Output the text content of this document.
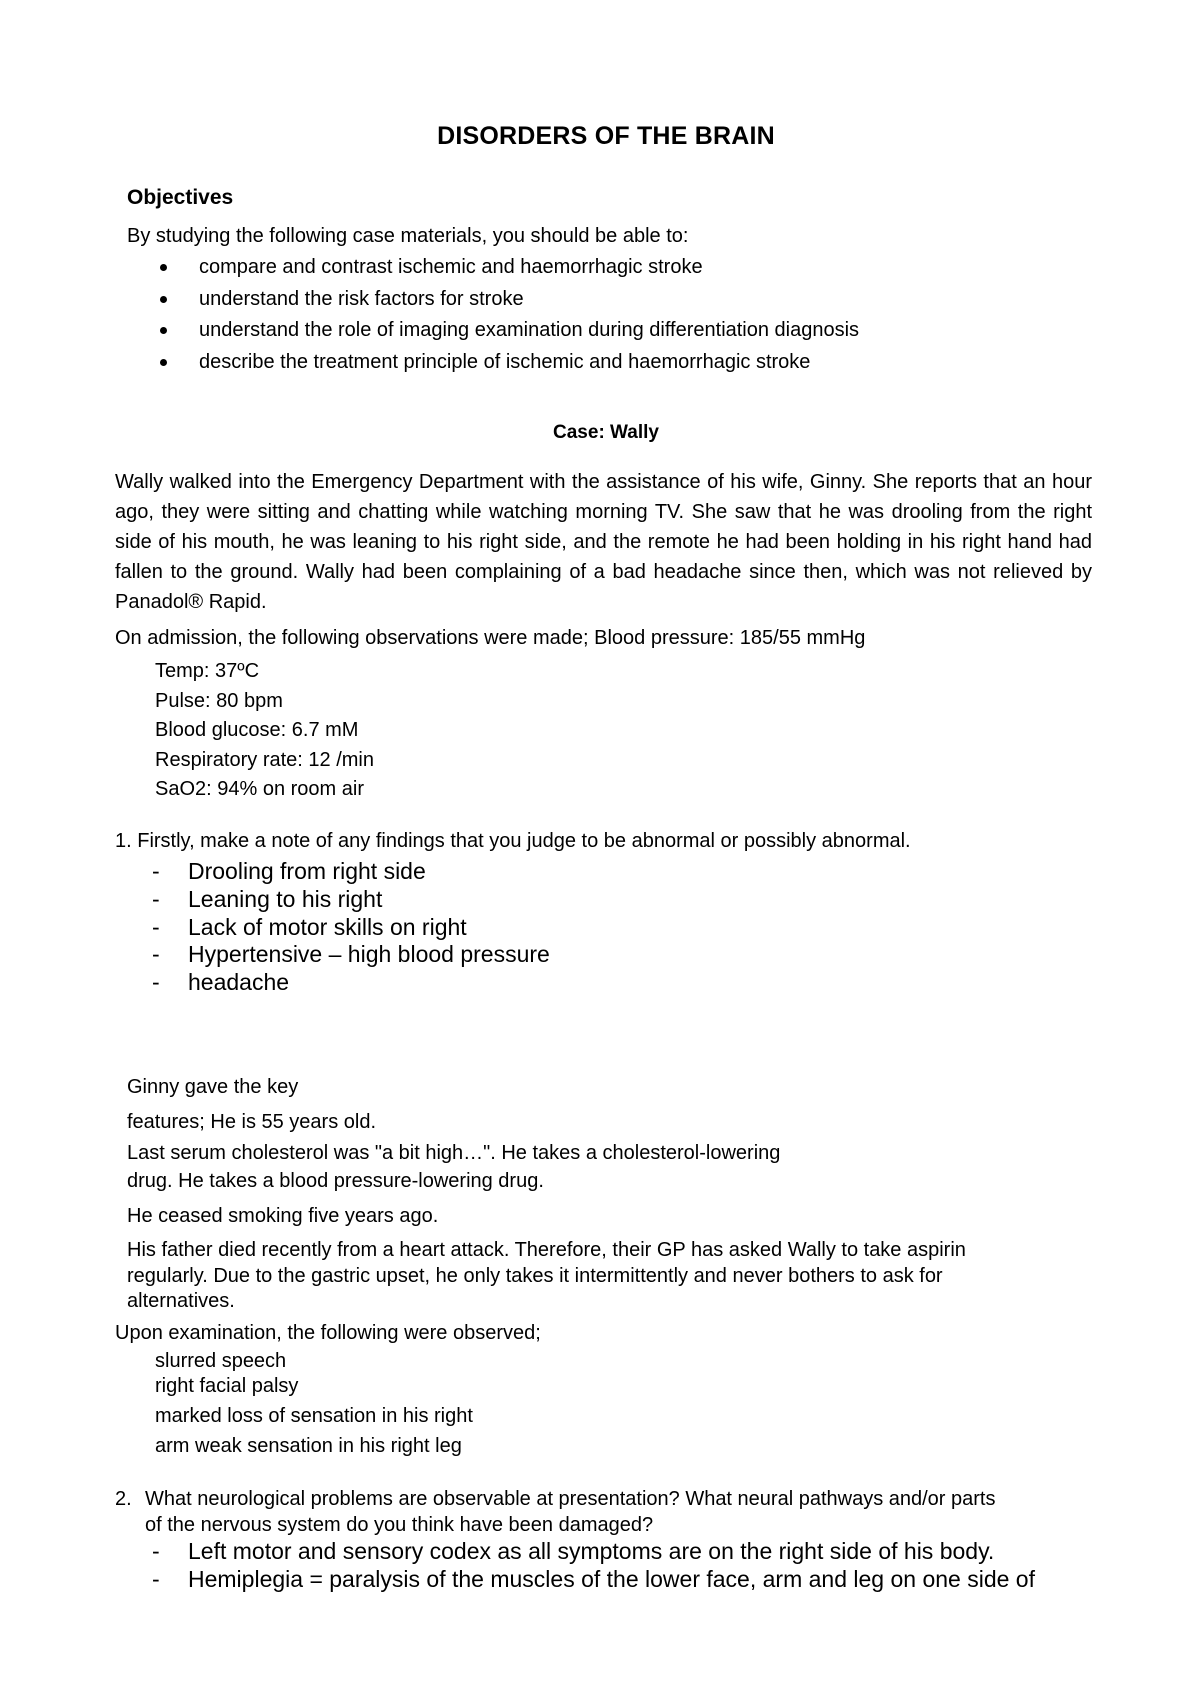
DISORDERS OF THE BRAIN
Objectives
By studying the following case materials, you should be able to:
compare and contrast ischemic and haemorrhagic stroke
understand the risk factors for stroke
understand the role of imaging examination during differentiation diagnosis
describe the treatment principle of ischemic and haemorrhagic stroke
Case: Wally

Wally walked into the Emergency Department with the assistance of his wife, Ginny. She reports that an hour ago, they were sitting and chatting while watching morning TV. She saw that he was drooling from the right side of his mouth, he was leaning to his right side, and the remote he had been holding in his right hand had fallen to the ground. Wally had been complaining of a bad headache since then, which was not relieved by Panadol® Rapid.

On admission, the following observations were made; Blood pressure: 185/55 mmHg
Temp: 37ºC
Pulse: 80 bpm
Blood glucose: 6.7 mM
Respiratory rate: 12 /min
SaO2: 94% on room air
1. Firstly, make a note of any findings that you judge to be abnormal or possibly abnormal.
- Drooling from right side
- Leaning to his right
- Lack of motor skills on right
- Hypertensive – high blood pressure
- headache
Ginny gave the key
features; He is 55 years old.
Last serum cholesterol was "a bit high…". He takes a cholesterol-lowering
drug. He takes a blood pressure-lowering drug.
He ceased smoking five years ago.
His father died recently from a heart attack. Therefore, their GP has asked Wally to take aspirin
regularly. Due to the gastric upset, he only takes it intermittently and never bothers to ask for
alternatives.
Upon examination, the following were observed;
slurred speech
right facial palsy
marked loss of sensation in his right
arm weak sensation in his right leg
2. What neurological problems are observable at presentation? What neural pathways and/or parts
of the nervous system do you think have been damaged?
- Left motor and sensory codex as all symptoms are on the right side of his body.
- Hemiplegia = paralysis of the muscles of the lower face, arm and leg on one side of
